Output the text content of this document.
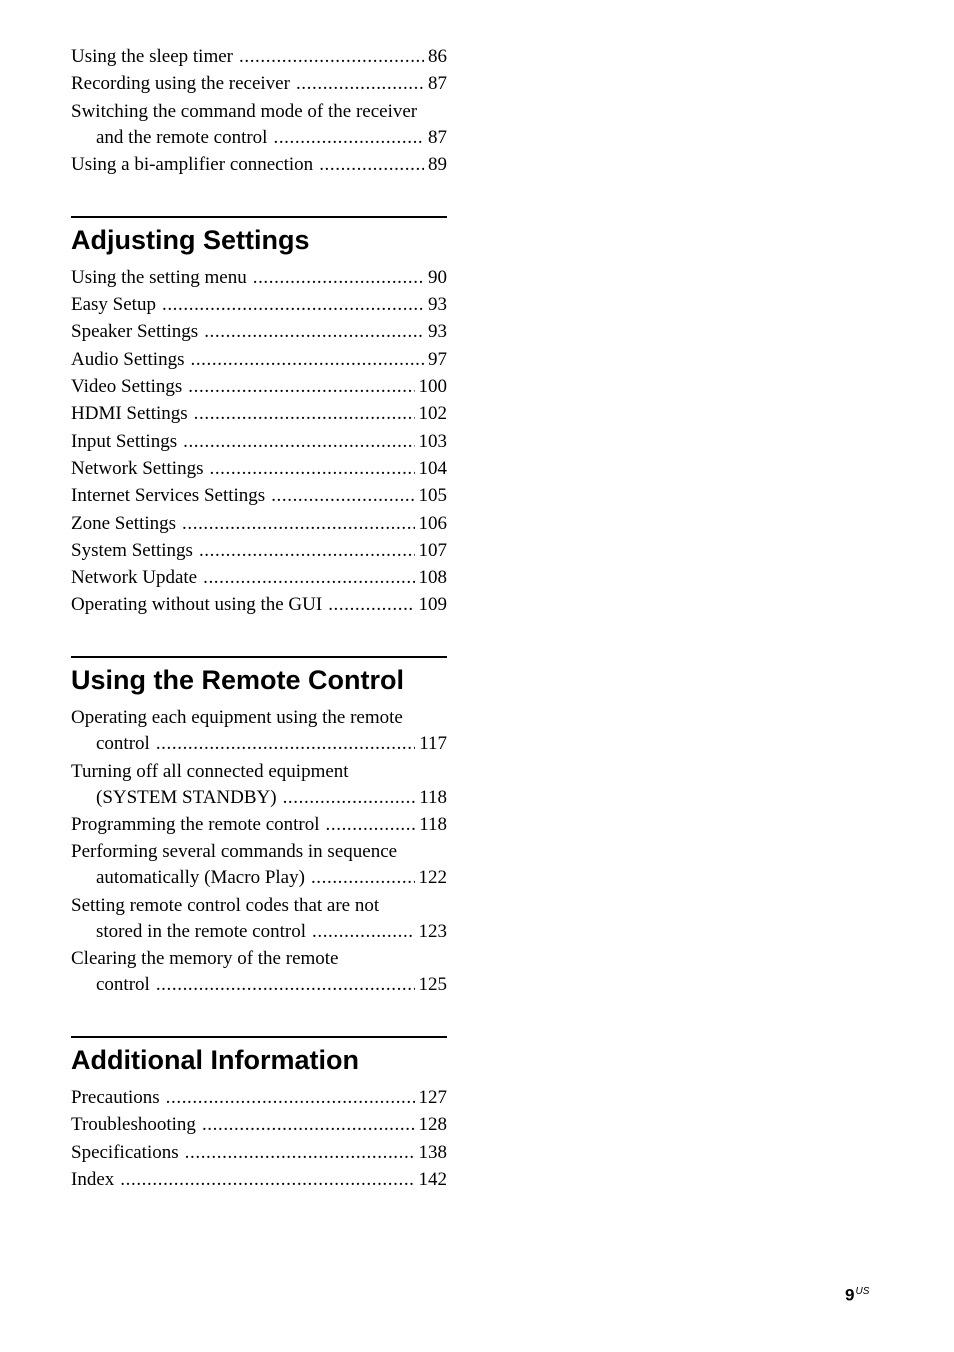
Using the sleep timer .....	86
Recording using the receiver .....	87
Switching the command mode of the receiver
and the remote control .....	87
Using a bi-amplifier connection .....	89
Adjusting Settings
Using the setting menu .....	90
Easy Setup .....	93
Speaker Settings .....	93
Audio Settings .....	97
Video Settings .....	100
HDMI Settings .....	102
Input Settings .....	103
Network Settings .....	104
Internet Services Settings .....	105
Zone Settings .....	106
System Settings .....	107
Network Update .....	108
Operating without using the GUI .....	109
Using the Remote Control
Operating each equipment using the remote
control .....	117
Turning off all connected equipment
(SYSTEM STANDBY) .....	118
Programming the remote control .....	118
Performing several commands in sequence
automatically (Macro Play) .....	122
Setting remote control codes that are not
stored in the remote control .....	123
Clearing the memory of the remote
control .....	125
Additional Information
Precautions .....	127
Troubleshooting .....	128
Specifications .....	138
Index .....	142
$9^{US}$
